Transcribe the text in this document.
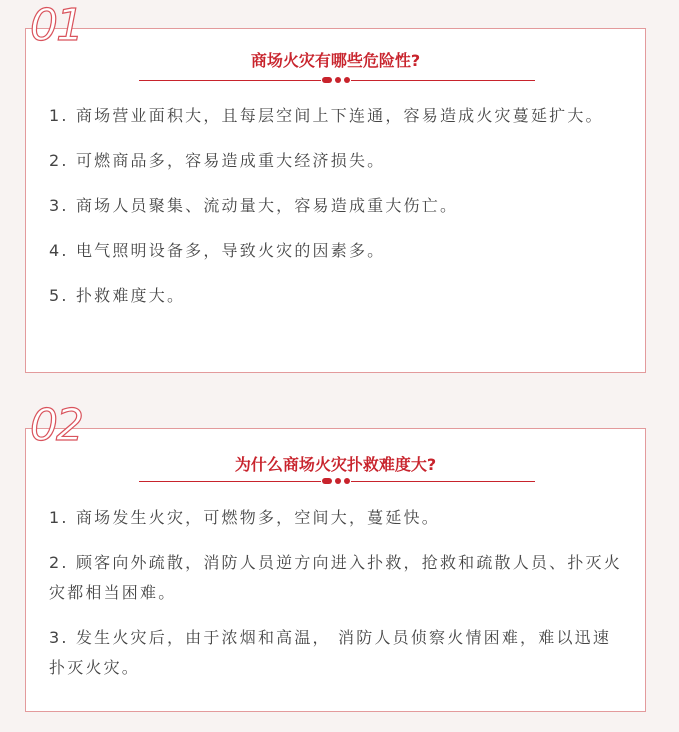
01
商场火灾有哪些危险性?
1. 商场营业面积大，且每层空间上下连通，容易造成火灾蔓延扩大。
2. 可燃商品多，容易造成重大经济损失。
3. 商场人员聚集、流动量大，容易造成重大伤亡。
4. 电气照明设备多，导致火灾的因素多。
5. 扑救难度大。
02
为什么商场火灾扑救难度大?
1. 商场发生火灾，可燃物多，空间大，蔓延快。
2. 顾客向外疏散，消防人员逆方向进入扑救，抢救和疏散人员、扑灭火灾都相当困难。
3. 发生火灾后，由于浓烟和高温， 消防人员侦察火情困难，难以迅速扑灭火灾。
